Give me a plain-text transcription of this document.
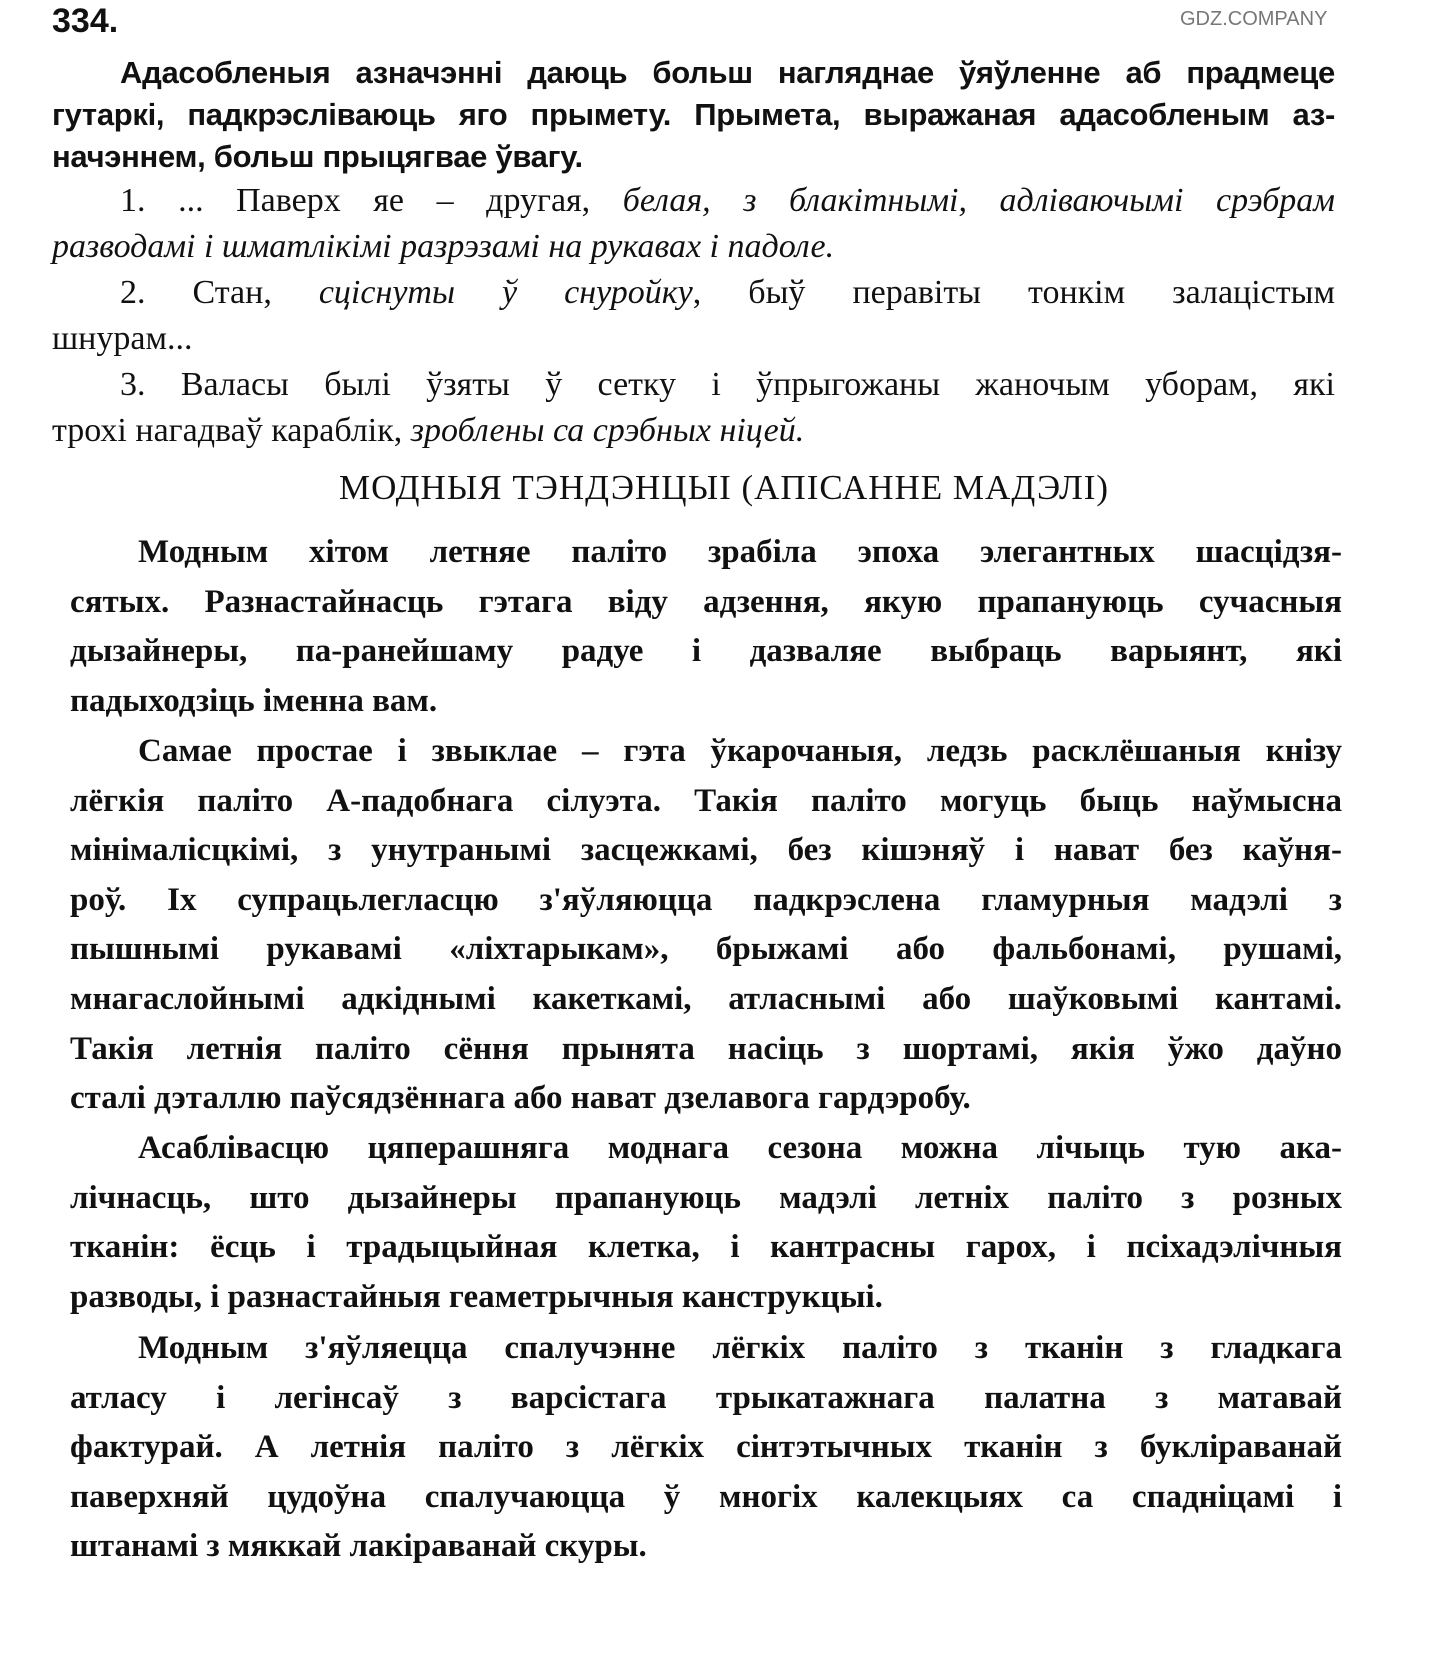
334.	GDZ.COMPANY
Адасобленыя азначэнні даюць больш нагляднае ўяўленне аб прадмеце
гутаркі, падкрэсліваюць яго прымету. Прымета, выражаная адасобленым аз-
начэннем, больш прыцягвае ўвагу.
1. ... Паверх яе – другая, белая, з блакітнымі, адліваючымі срэбрам
разводамі і шматлікімі разрэзамі на рукавах і падоле.
2. Стан, сціснуты ў снуройку, быў перавіты тонкім залацістым
шнурам...
3. Валасы былі ўзяты ў сетку і ўпрыгожаны жаночым уборам, які
трохі нагадваў караблік, зроблены са срэбных ніцей.
МОДНЫЯ ТЭНДЭНЦЫІ (АПІСАННЕ МАДЭЛІ)
Модным хітом летняе паліто зрабіла эпоха элегантных шасцідзя-
сятых. Разнастайнасць гэтага віду адзення, якую прапануюць сучасныя
дызайнеры, па-ранейшаму радуе і дазваляе выбраць варыянт, які
падыходзіць іменна вам.
Самае простае і звыклае – гэта ўкарочаныя, ледзь расклёшаныя кнізу
лёгкія паліто А-падобнага сілуэта. Такія паліто могуць быць наўмысна
мінімалісцкімі, з унутранымі засцежкамі, без кішэняў і нават без каўня-
роў. Іх супрацьлегласцю з'яўляюцца падкрэслена гламурныя мадэлі з
пышнымі рукавамі «ліхтарыкам», брыжамі або фальбонамі, рушамі,
мнагаслойнымі адкіднымі какеткамі, атласнымі або шаўковымі кантамі.
Такія летнія паліто сёння прынята насіць з шортамі, якія ўжо даўно
сталі дэталлю паўсядзённага або нават дзелавога гардэробу.
Асаблівасцю цяперашняга моднага сезона можна лічыць тую ака-
лічнасць, што дызайнеры прапануюць мадэлі летніх паліто з розных
тканін: ёсць і традыцыйная клетка, і кантрасны гарох, і псіхадэлічныя
разводы, і разнастайныя геаметрычныя канструкцыі.
Модным з'яўляецца спалучэнне лёгкіх паліто з тканін з гладкага
атласу і легінсаў з варсістага трыкатажнага палатна з матавай
фактурай. А летнія паліто з лёгкіх сінтэтычных тканін з букліраванай
паверхняй цудоўна спалучаюцца ў многіх калекцыях са спадніцамі і
штанамі з мяккай лакіраванай скуры.
